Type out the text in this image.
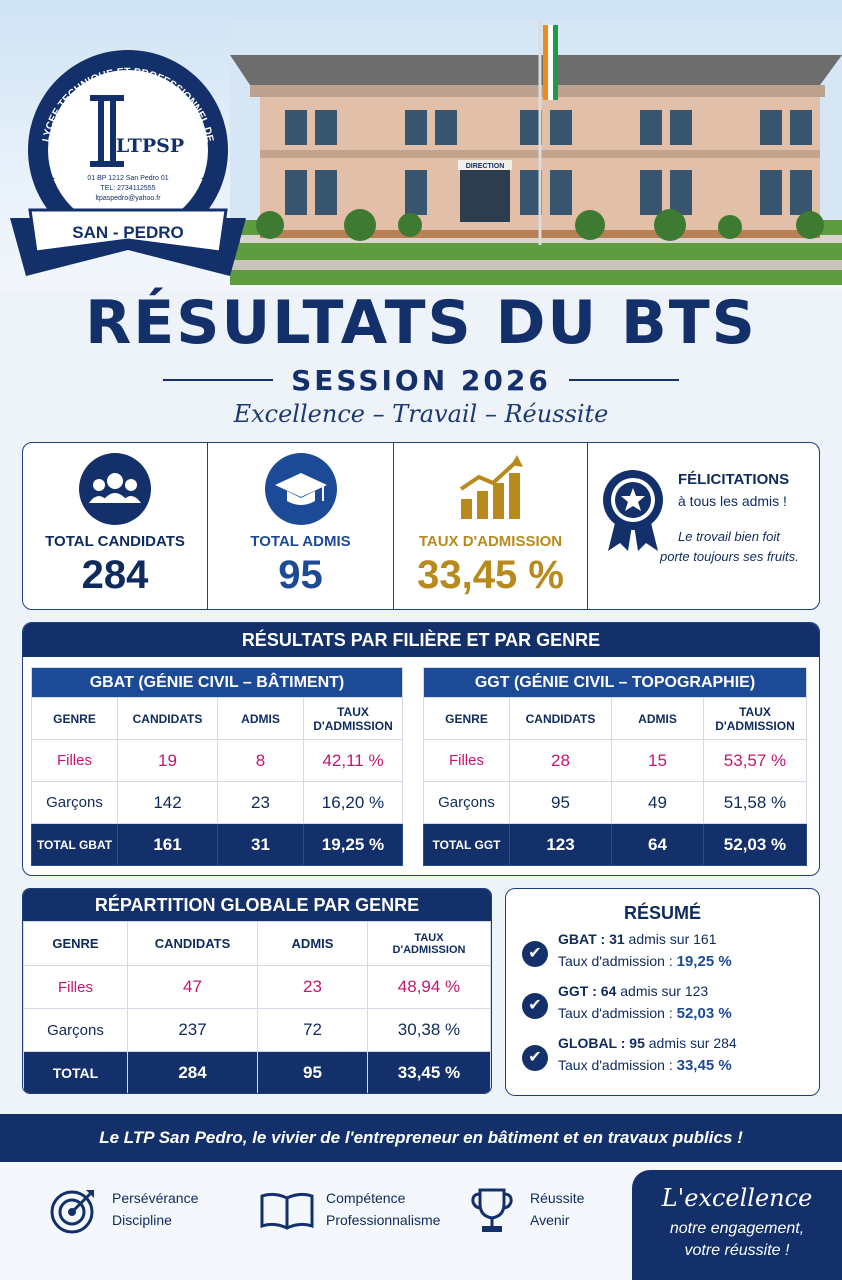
DIRECTION
LYCEE TECHNIQUE ET PROFESSIONNEL DE
LTPSP
01 BP 1212 San Pedro 01
TEL: 2734112555
ltpaspedro@yahoo.fr
SAN - PEDRO
RÉSULTATS DU BTS
SESSION 2026
Excellence – Travail – Réussite
TOTAL CANDIDATS
284
TOTAL ADMIS
95
TAUX D'ADMISSION
33,45 %
FÉLICITATIONS
à tous les admis !
Le trovail bien foit
porte toujours ses fruits.
RÉSULTATS PAR FILIÈRE ET PAR GENRE
GBAT (GÉNIE CIVIL – BÂTIMENT)			
GENRE	CANDIDATS	ADMIS	TAUX
D'ADMISSION
Filles	19	8	42,11 %
Garçons	142	23	16,20 %
TOTAL GBAT	161	31	19,25 %
GGT (GÉNIE CIVIL – TOPOGRAPHIE)			
GENRE	CANDIDATS	ADMIS	TAUX
D'ADMISSION
Filles	28	15	53,57 %
Garçons	95	49	51,58 %
TOTAL GGT	123	64	52,03 %
RÉPARTITION GLOBALE PAR GENRE
GENRE	CANDIDATS	ADMIS	TAUX
D'ADMISSION
Filles	47	23	48,94 %
Garçons	237	72	30,38 %
TOTAL	284	95	33,45 %
RÉSUMÉ
✔
GBAT : 31 admis sur 161
Taux d'admission : 19,25 %
✔
GGT : 64 admis sur 123
Taux d'admission : 52,03 %
✔
GLOBAL : 95 admis sur 284
Taux d'admission : 33,45 %
Le LTP San Pedro, le vivier de l'entrepreneur en bâtiment et en travaux publics !
Persévérance
Discipline
Compétence
Professionnalisme
Réussite
Avenir
L'excellence
notre engagement,
votre réussite !
